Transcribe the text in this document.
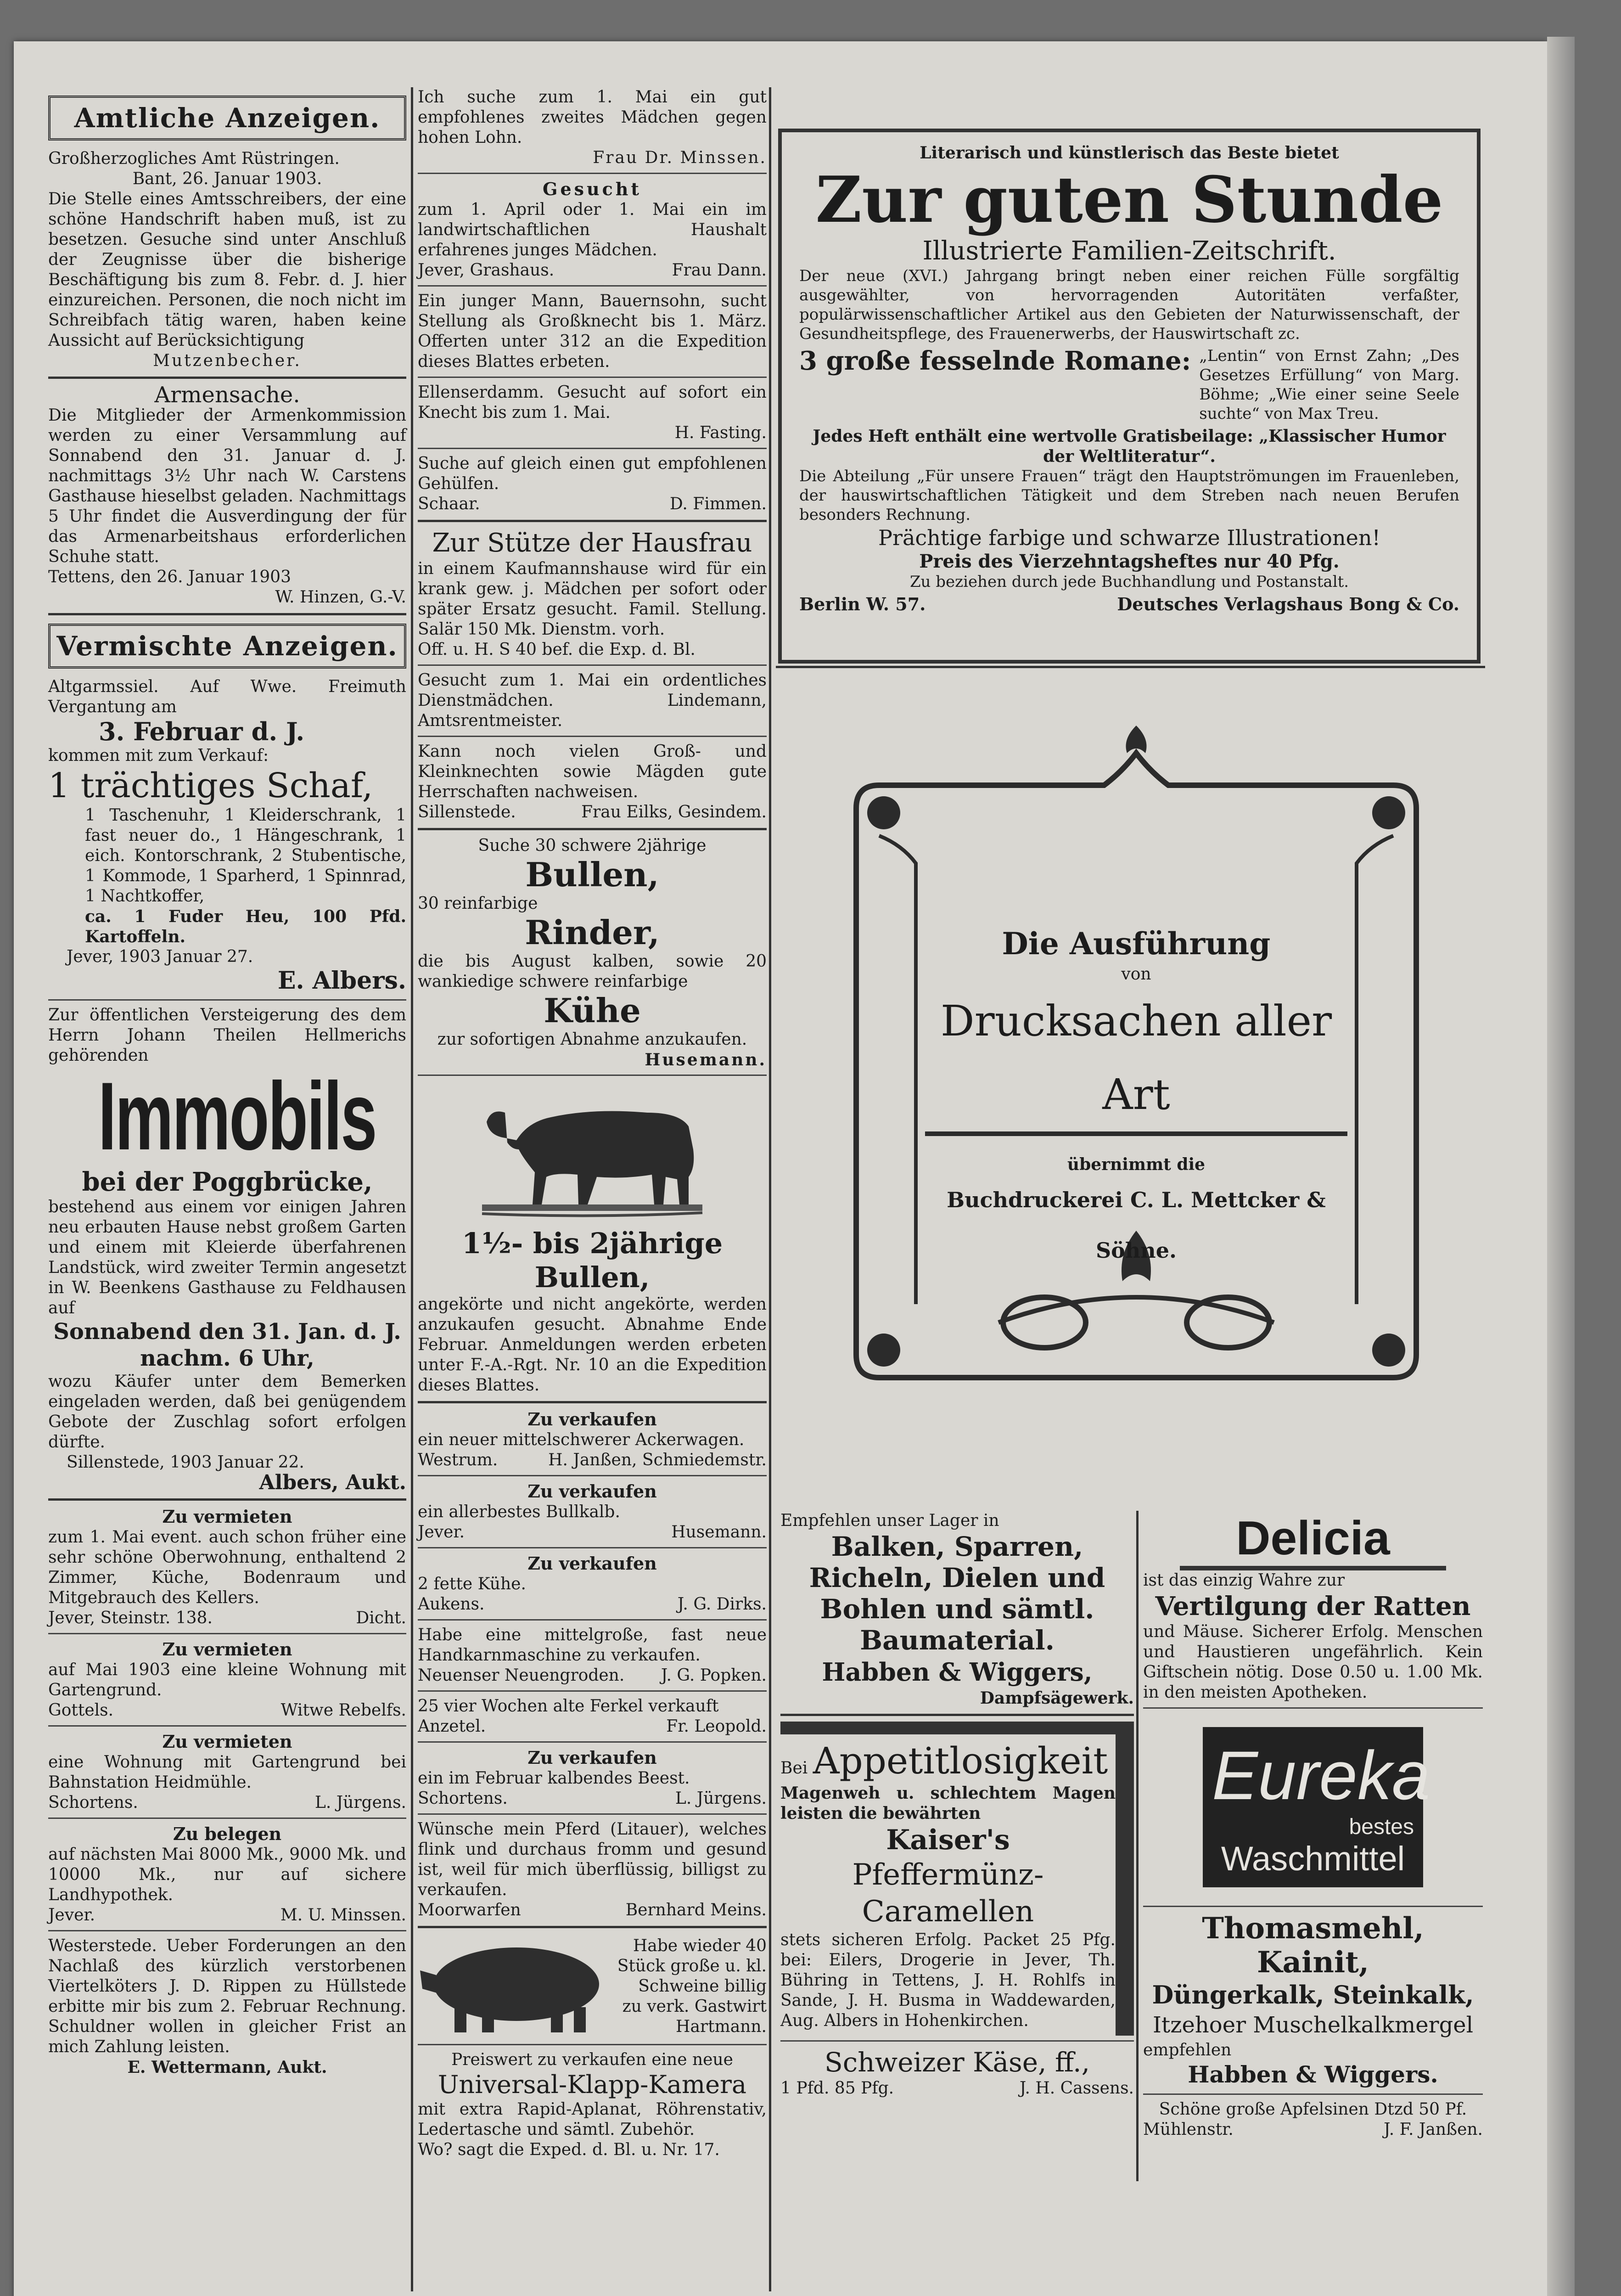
Amtliche Anzeigen.

Großherzogliches Amt Rüstringen.

Bant, 26. Januar 1903.

Die Stelle eines Amtsschreibers, der eine schöne Handschrift haben muß, ist zu besetzen. Gesuche sind unter Anschluß der Zeugnisse über die bisherige Beschäftigung bis zum 8. Febr. d. J. hier einzureichen. Personen, die noch nicht im Schreibfach tätig waren, haben keine Aussicht auf Berücksichtigung

Mutzenbecher.

Armensache.

Die Mitglieder der Armenkommission werden zu einer Versammlung auf Sonnabend den 31. Januar d. J. nachmittags 3½ Uhr nach W. Carstens Gasthause hieselbst geladen. Nachmittags 5 Uhr findet die Ausverdingung der für das Armenarbeitshaus erforderlichen Schuhe statt.

Tettens, den 26. Januar 1903

W. Hinzen, G.-V.

Vermischte Anzeigen.

Altgarmssiel. Auf Wwe. Freimuth Vergantung am

3. Februar d. J.

kommen mit zum Verkauf:

1 trächtiges Schaf,

1 Taschenuhr, 1 Kleiderschrank, 1 fast neuer do., 1 Hängeschrank, 1 eich. Kontorschrank, 2 Stubentische, 1 Kommode, 1 Sparherd, 1 Spinnrad, 1 Nachtkoffer,

ca. 1 Fuder Heu, 100 Pfd. Kartoffeln.

Jever, 1903 Januar 27.

E. Albers.

Zur öffentlichen Versteigerung des dem Herrn Johann Theilen Hellmerichs gehörenden

Immobils

bei der Poggbrücke,

bestehend aus einem vor einigen Jahren neu erbauten Hause nebst großem Garten und einem mit Kleierde überfahrenen Landstück, wird zweiter Termin angesetzt in W. Beenkens Gasthause zu Feldhausen auf

Sonnabend den 31. Jan. d. J.

nachm. 6 Uhr,

wozu Käufer unter dem Bemerken eingeladen werden, daß bei genügendem Gebote der Zuschlag sofort erfolgen dürfte.

Sillenstede, 1903 Januar 22.

Albers, Aukt.

Zu vermieten

zum 1. Mai event. auch schon früher eine sehr schöne Oberwohnung, enthaltend 2 Zimmer, Küche, Bodenraum und Mitgebrauch des Kellers.

Jever, Steinstr. 138.	Dicht.

Zu vermieten

auf Mai 1903 eine kleine Wohnung mit Gartengrund.

Gottels.	Witwe Rebelfs.

Zu vermieten

eine Wohnung mit Gartengrund bei Bahnstation Heidmühle.

Schortens.	L. Jürgens.

Zu belegen

auf nächsten Mai 8000 Mk., 9000 Mk. und 10000 Mk., nur auf sichere Landhypothek.

Jever.	M. U. Minssen.

Westerstede. Ueber Forderungen an den Nachlaß des kürzlich verstorbenen Viertelköters J. D. Rippen zu Hüllstede erbitte mir bis zum 2. Februar Rechnung. Schuldner wollen in gleicher Frist an mich Zahlung leisten.

E. Wettermann, Aukt.

Ich suche zum 1. Mai ein gut empfohlenes zweites Mädchen gegen hohen Lohn.

Frau Dr. Minssen.

Gesucht

zum 1. April oder 1. Mai ein im landwirtschaftlichen Haushalt erfahrenes junges Mädchen.

Jever, Grashaus.	Frau Dann.

Ein junger Mann, Bauernsohn, sucht Stellung als Großknecht bis 1. März. Offerten unter 312 an die Expedition dieses Blattes erbeten.

Ellenserdamm. Gesucht auf sofort ein Knecht bis zum 1. Mai.

H. Fasting.

Suche auf gleich einen gut empfohlenen Gehülfen.

Schaar.	D. Fimmen.

Zur Stütze der Hausfrau

in einem Kaufmannshause wird für ein krank gew. j. Mädchen per sofort oder später Ersatz gesucht. Famil. Stellung. Salär 150 Mk. Dienstm. vorh.

Off. u. H. S 40 bef. die Exp. d. Bl.

Gesucht zum 1. Mai ein ordentliches Dienstmädchen. Lindemann, Amtsrentmeister.

Kann noch vielen Groß- und Kleinknechten sowie Mägden gute Herrschaften nachweisen.

Sillenstede.	Frau Eilks, Gesindem.

Suche 30 schwere 2jährige

Bullen,

30 reinfarbige

Rinder,

die bis August kalben, sowie 20 wankiedige schwere reinfarbige

Kühe

zur sofortigen Abnahme anzukaufen.

Husemann.

1½- bis 2jährige Bullen,

angekörte und nicht angekörte, werden anzukaufen gesucht. Abnahme Ende Februar. Anmeldungen werden erbeten unter F.-A.-Rgt. Nr. 10 an die Expedition dieses Blattes.

Zu verkaufen

ein neuer mittelschwerer Ackerwagen.

Westrum.	H. Janßen, Schmiedemstr.

Zu verkaufen

ein allerbestes Bullkalb.

Jever.	Husemann.

Zu verkaufen

2 fette Kühe.

Aukens.	J. G. Dirks.

Habe eine mittelgroße, fast neue Handkarnmaschine zu verkaufen.

Neuenser Neuengroden. J. G. Popken.

25 vier Wochen alte Ferkel verkauft

Anzetel.	Fr. Leopold.

Zu verkaufen

ein im Februar kalbendes Beest.

Schortens.	L. Jürgens.

Wünsche mein Pferd (Litauer), welches flink und durchaus fromm und gesund ist, weil für mich überflüssig, billigst zu verkaufen.

Moorwarfen	Bernhard Meins.

Habe wieder 40 Stück große u. kl. Schweine billig zu verk. Gastwirt Hartmann.

Preiswert zu verkaufen eine neue

Universal-Klapp-Kamera

mit extra Rapid-Aplanat, Röhrenstativ, Ledertasche und sämtl. Zubehör.

Wo? sagt die Exped. d. Bl. u. Nr. 17.

Literarisch und künstlerisch das Beste bietet

Zur guten Stunde

Illustrierte Familien-Zeitschrift.

Der neue (XVI.) Jahrgang bringt neben einer reichen Fülle sorgfältig ausgewählter, von hervorragenden Autoritäten verfaßter, populärwissenschaftlicher Artikel aus den Gebieten der Naturwissenschaft, der Gesundheitspflege, des Frauenerwerbs, der Hauswirtschaft zc.

3 große fesselnde Romane: „Lentin“ von Ernst Zahn; „Des Gesetzes Erfüllung“ von Marg. Böhme; „Wie einer seine Seele suchte“ von Max Treu.

Jedes Heft enthält eine wertvolle Gratisbeilage: „Klassischer Humor der Weltliteratur“.

Die Abteilung „Für unsere Frauen“ trägt den Hauptströmungen im Frauenleben, der hauswirtschaftlichen Tätigkeit und dem Streben nach neuen Berufen besonders Rechnung.

Prächtige farbige und schwarze Illustrationen!

Preis des Vierzehntagsheftes nur 40 Pfg.

Zu beziehen durch jede Buchhandlung und Postanstalt.

Berlin W. 57.	Deutsches Verlagshaus Bong & Co.

Die Ausführung

von

Drucksachen aller Art

übernimmt die

Buchdruckerei C. L. Mettcker & Söhne.

Empfehlen unser Lager in

Balken, Sparren, Richeln, Dielen und Bohlen und sämtl. Baumaterial.

Habben & Wiggers,

Dampfsägewerk.

Bei Appetitlosigkeit

Magenweh u. schlechtem Magen leisten die bewährten

Kaiser's

Pfeffermünz-Caramellen

stets sicheren Erfolg. Packet 25 Pfg. bei: Eilers, Drogerie in Jever, Th. Bühring in Tettens, J. H. Rohlfs in Sande, J. H. Busma in Waddewarden, Aug. Albers in Hohenkirchen.

Schweizer Käse, ff.,

1 Pfd. 85 Pfg.	J. H. Cassens.

Delicia

ist das einzig Wahre zur

Vertilgung der Ratten

und Mäuse. Sicherer Erfolg. Menschen und Haustieren ungefährlich. Kein Giftschein nötig. Dose 0.50 u. 1.00 Mk. in den meisten Apotheken.

Eureka
bestes
Waschmittel

Thomasmehl,

Kainit,

Düngerkalk, Steinkalk,

Itzehoer Muschelkalkmergel

empfehlen

Habben & Wiggers.

Schöne große Apfelsinen Dtzd 50 Pf.

Mühlenstr.	J. F. Janßen.
